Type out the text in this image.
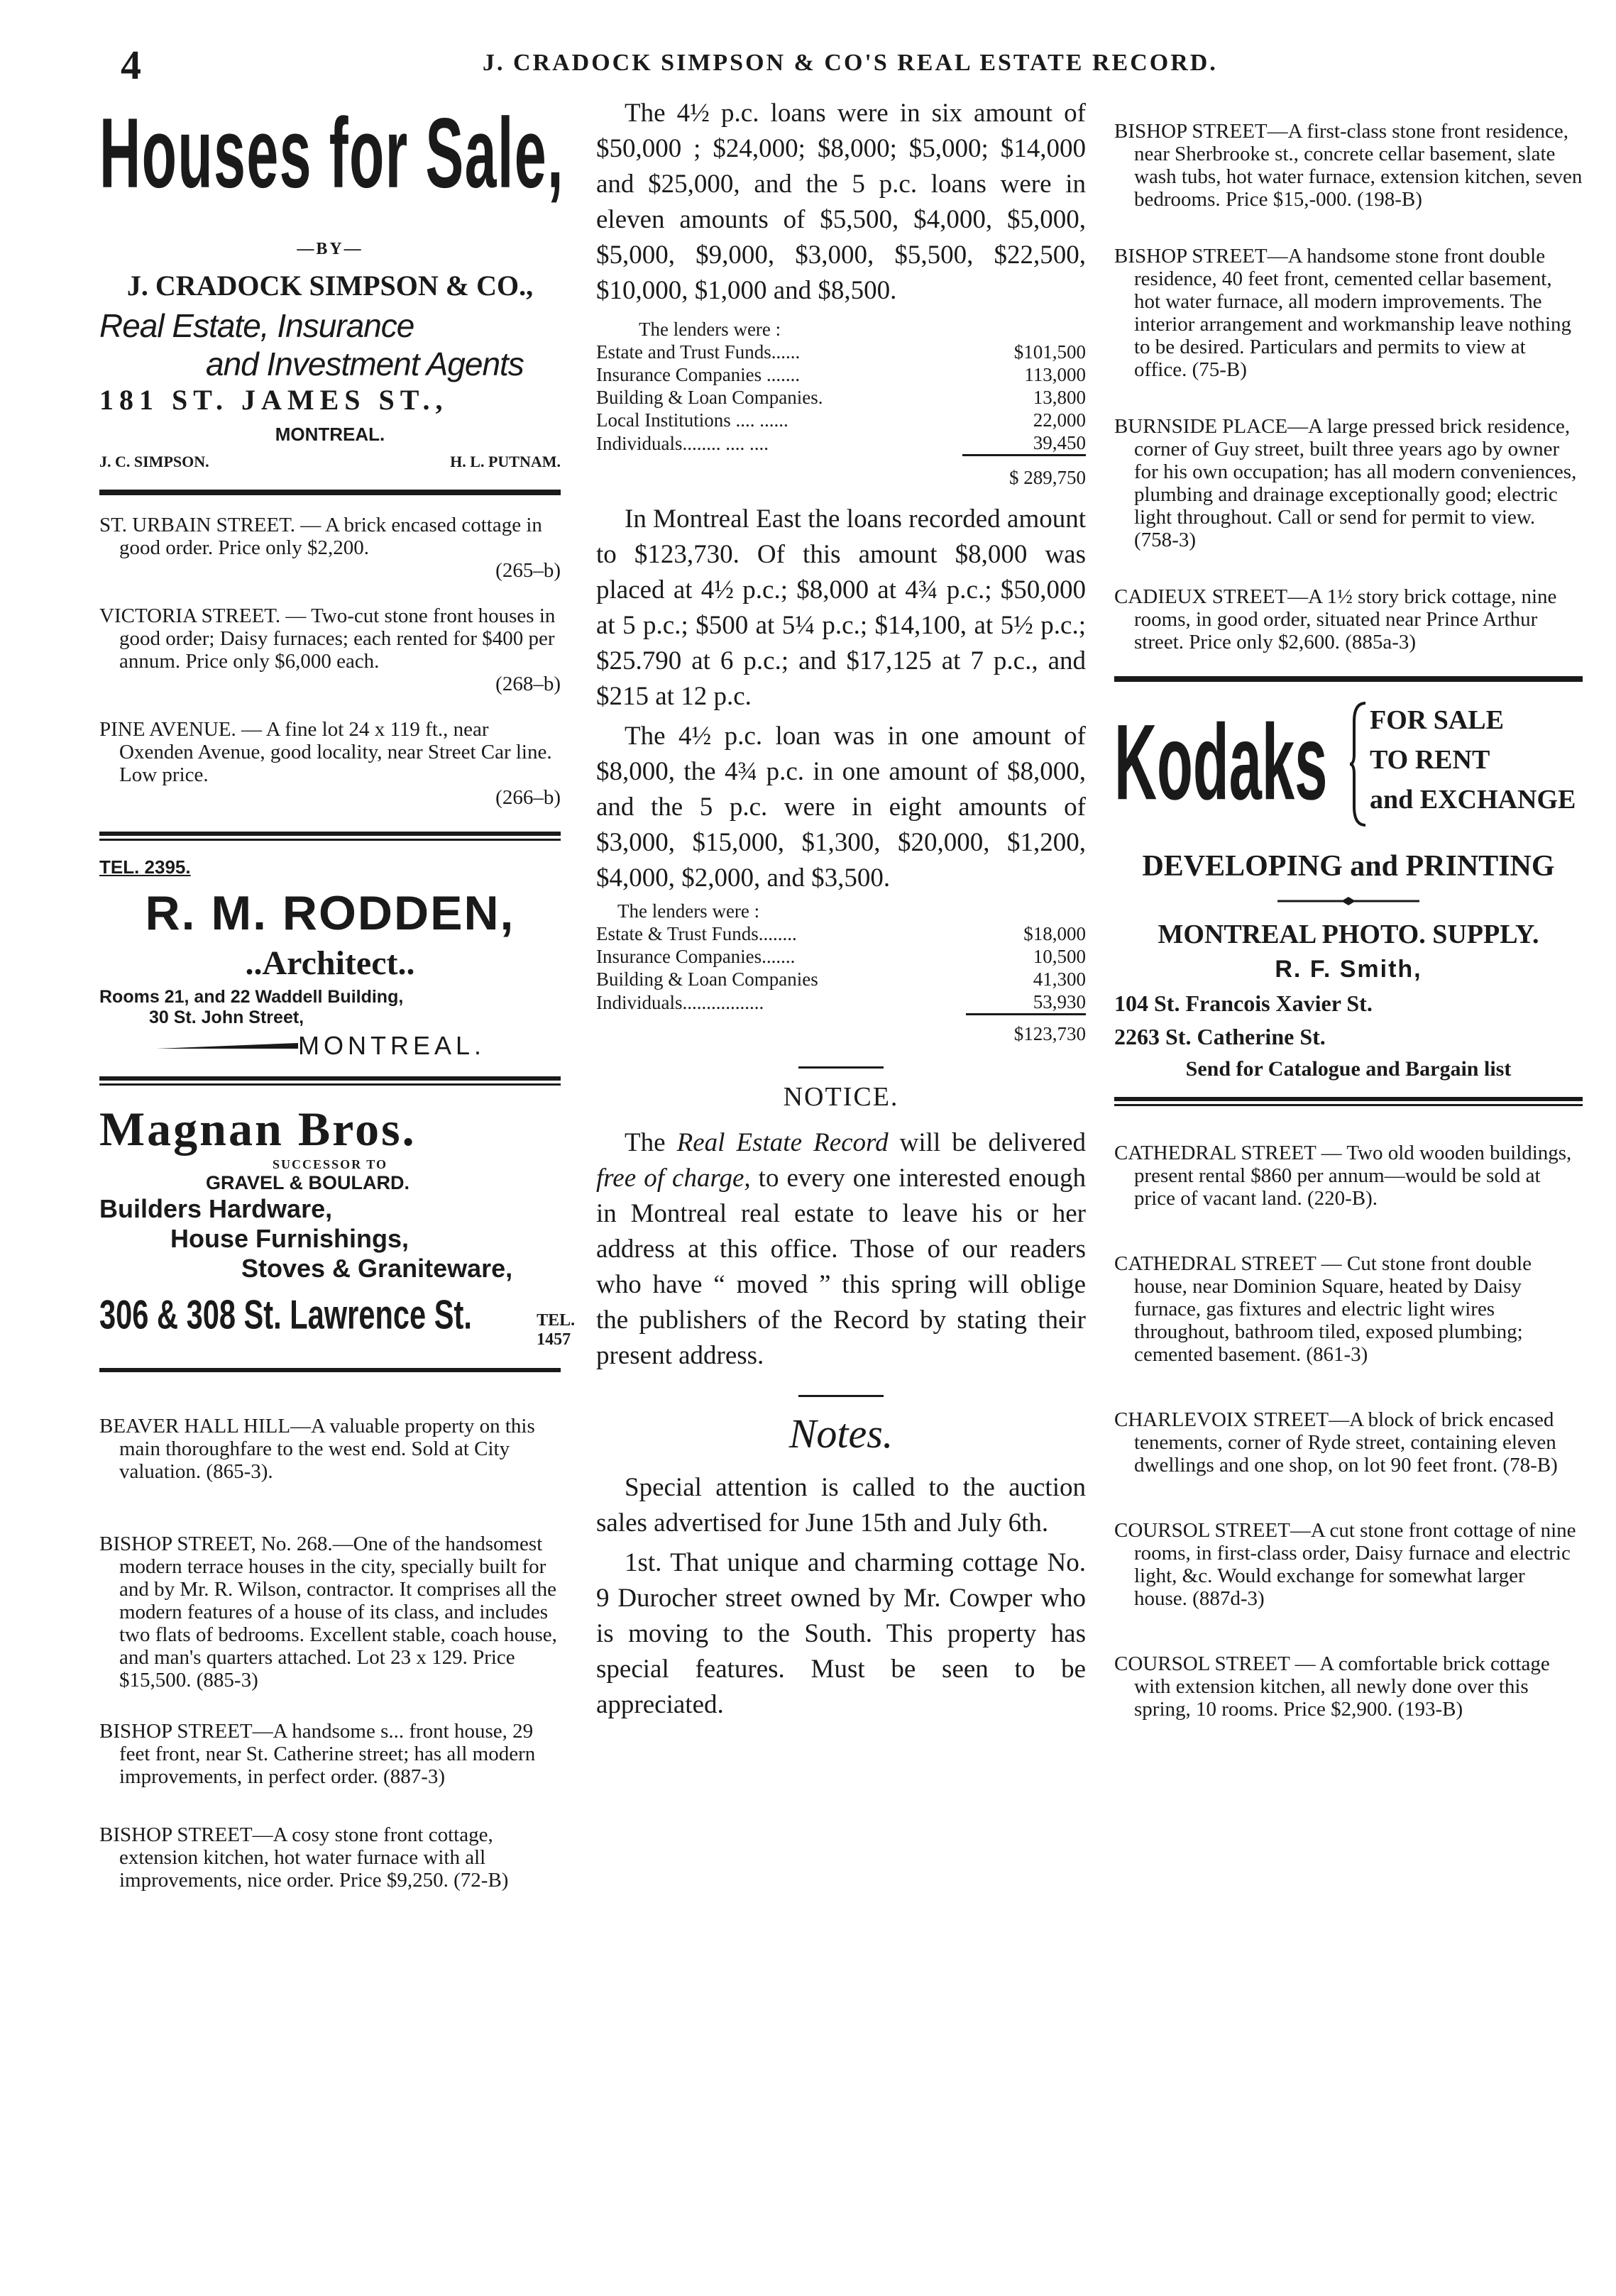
4	J. CRADOCK SIMPSON & CO'S REAL ESTATE RECORD.
Houses for Sale,
—BY—
J. CRADOCK SIMPSON & CO.,
Real Estate, Insurance
and Investment Agents
181 ST. JAMES ST.,
MONTREAL.
J. C. SIMPSON.	H. L. PUTNAM.

ST. URBAIN STREET. — A brick encased cottage in good order. Price only $2,200.
(265–b)

VICTORIA STREET. — Two-cut stone front houses in good order; Daisy furnaces; each rented for $400 per annum. Price only $6,000 each.
(268–b)

PINE AVENUE. — A fine lot 24 x 119 ft., near Oxenden Avenue, good locality, near Street Car line. Low price.
(266–b)

TEL. 2395.
R. M. RODDEN,
..Architect..
Rooms 21, and 22 Waddell Building,
30 St. John Street,
MONTREAL.
Magnan Bros.
SUCCESSOR TO
GRAVEL & BOULARD.
Builders Hardware,
House Furnishings,
Stoves & Graniteware,
306 & 308 St. Lawrence St.	TEL. 1457

BEAVER HALL HILL—A valuable property on this main thoroughfare to the west end. Sold at City valuation. (865-3).

BISHOP STREET, No. 268.—One of the handsomest modern terrace houses in the city, specially built for and by Mr. R. Wilson, contractor. It comprises all the modern features of a house of its class, and includes two flats of bedrooms. Excellent stable, coach house, and man's quarters attached. Lot 23 x 129. Price $15,500. (885-3)

BISHOP STREET—A handsome s... front house, 29 feet front, near St. Catherine street; has all modern improvements, in perfect order. (887-3)

BISHOP STREET—A cosy stone front cottage, extension kitchen, hot water furnace with all improvements, nice order. Price $9,250. (72-B)

The 4½ p.c. loans were in six amount of $50,000 ; $24,000; $8,000; $5,000; $14,000 and $25,000, and the 5 p.c. loans were in eleven amounts of $5,500, $4,000, $5,000, $5,000, $9,000, $3,000, $5,500, $22,500, $10,000, $1,000 and $8,500.

The lenders were :
Estate and Trust Funds......	$101,500
Insurance Companies .......	113,000
Building & Loan Companies.	13,800
Local Institutions .... ......	22,000
Individuals........ .... ....	39,450
	$ 289,750

In Montreal East the loans recorded amount to $123,730. Of this amount $8,000 was placed at 4½ p.c.; $8,000 at 4¾ p.c.; $50,000 at 5 p.c.; $500 at 5¼ p.c.; $14,100, at 5½ p.c.; $25.790 at 6 p.c.; and $17,125 at 7 p.c., and $215 at 12 p.c.

The 4½ p.c. loan was in one amount of $8,000, the 4¾ p.c. in one amount of $8,000, and the 5 p.c. were in eight amounts of $3,000, $15,000, $1,300, $20,000, $1,200, $4,000, $2,000, and $3,500.

The lenders were :
Estate & Trust Funds........	$18,000
Insurance Companies.......	10,500
Building & Loan Companies	41,300
Individuals.................	53,930
	$123,730
NOTICE.

The Real Estate Record will be delivered free of charge, to every one interested enough in Montreal real estate to leave his or her address at this office. Those of our readers who have “ moved ” this spring will oblige the publishers of the Record by stating their present address.

Notes.

Special attention is called to the auction sales advertised for June 15th and July 6th.

1st. That unique and charming cottage No. 9 Durocher street owned by Mr. Cowper who is moving to the South. This property has special features. Must be seen to be appreciated.

BISHOP STREET—A first-class stone front residence, near Sherbrooke st., concrete cellar basement, slate wash tubs, hot water furnace, extension kitchen, seven bedrooms. Price $15,-000. (198-B)

BISHOP STREET—A handsome stone front double residence, 40 feet front, cemented cellar basement, hot water furnace, all modern improvements. The interior arrangement and workmanship leave nothing to be desired. Particulars and permits to view at office. (75-B)

BURNSIDE PLACE—A large pressed brick residence, corner of Guy street, built three years ago by owner for his own occupation; has all modern conveniences, plumbing and drainage exceptionally good; electric light throughout. Call or send for permit to view. (758-3)

CADIEUX STREET—A 1½ story brick cottage, nine rooms, in good order, situated near Prince Arthur street. Price only $2,600. (885a-3)

Kodaks	FOR SALE
TO RENT
and EXCHANGE
DEVELOPING and PRINTING
MONTREAL PHOTO. SUPPLY.
R. F. Smith,
104 St. Francois Xavier St.
2263 St. Catherine St.
Send for Catalogue and Bargain list

CATHEDRAL STREET — Two old wooden buildings, present rental $860 per annum—would be sold at price of vacant land. (220-B).

CATHEDRAL STREET — Cut stone front double house, near Dominion Square, heated by Daisy furnace, gas fixtures and electric light wires throughout, bathroom tiled, exposed plumbing; cemented basement. (861-3)

CHARLEVOIX STREET—A block of brick encased tenements, corner of Ryde street, containing eleven dwellings and one shop, on lot 90 feet front. (78-B)

COURSOL STREET—A cut stone front cottage of nine rooms, in first-class order, Daisy furnace and electric light, &c. Would exchange for somewhat larger house. (887d-3)

COURSOL STREET — A comfortable brick cottage with extension kitchen, all newly done over this spring, 10 rooms. Price $2,900. (193-B)
